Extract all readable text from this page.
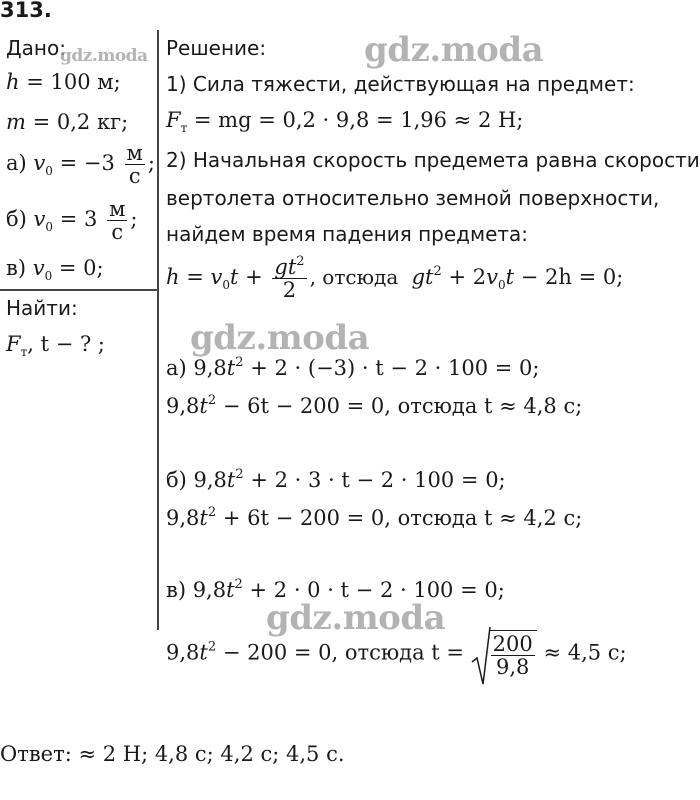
313.
Дано:
h = 100 м;
m = 0,2 кг;
а) $v_0 = -3 \frac{м}{с}$ ;
б) $v_0 = 3 \frac{м}{с}$ ;
в) $v_0 = 0$;
Найти:
$F_т$, t − ? ;
Решение:
1) Сила тяжести, действующая на предмет:
$F_т$ = mg = 0,2 · 9,8 = 1,96 ≈ 2 Н;
2) Начальная скорость предемета равна скорости
вертолета относительно земной поверхности,
найдем время падения предмета:
$h = v_0t + \frac{gt^2}{2}$ , отсюда $gt^2 + 2v_0t - 2h = 0$;
а) $9,8t^2 + 2 \cdot (-3) \cdot t - 2 \cdot 100 = 0$;
$9,8t^2 - 6t - 200 = 0$, отсюда t ≈ 4,8 с;
б) $9,8t^2 + 2 \cdot 3 \cdot t - 2 \cdot 100 = 0$;
$9,8t^2 + 6t - 200 = 0$, отсюда t ≈ 4,2 с;
в) $9,8t^2 + 2 \cdot 0 \cdot t - 2 \cdot 100 = 0$;
$9,8t^2 - 200 = 0$, отсюда $t = \frac{200}{9,8} \approx 4,5$ с;
Ответ: ≈ 2 Н; 4,8 с; 4,2 с; 4,5 с.
gdz.moda	gdz.moda
gdz.moda
gdz.moda
